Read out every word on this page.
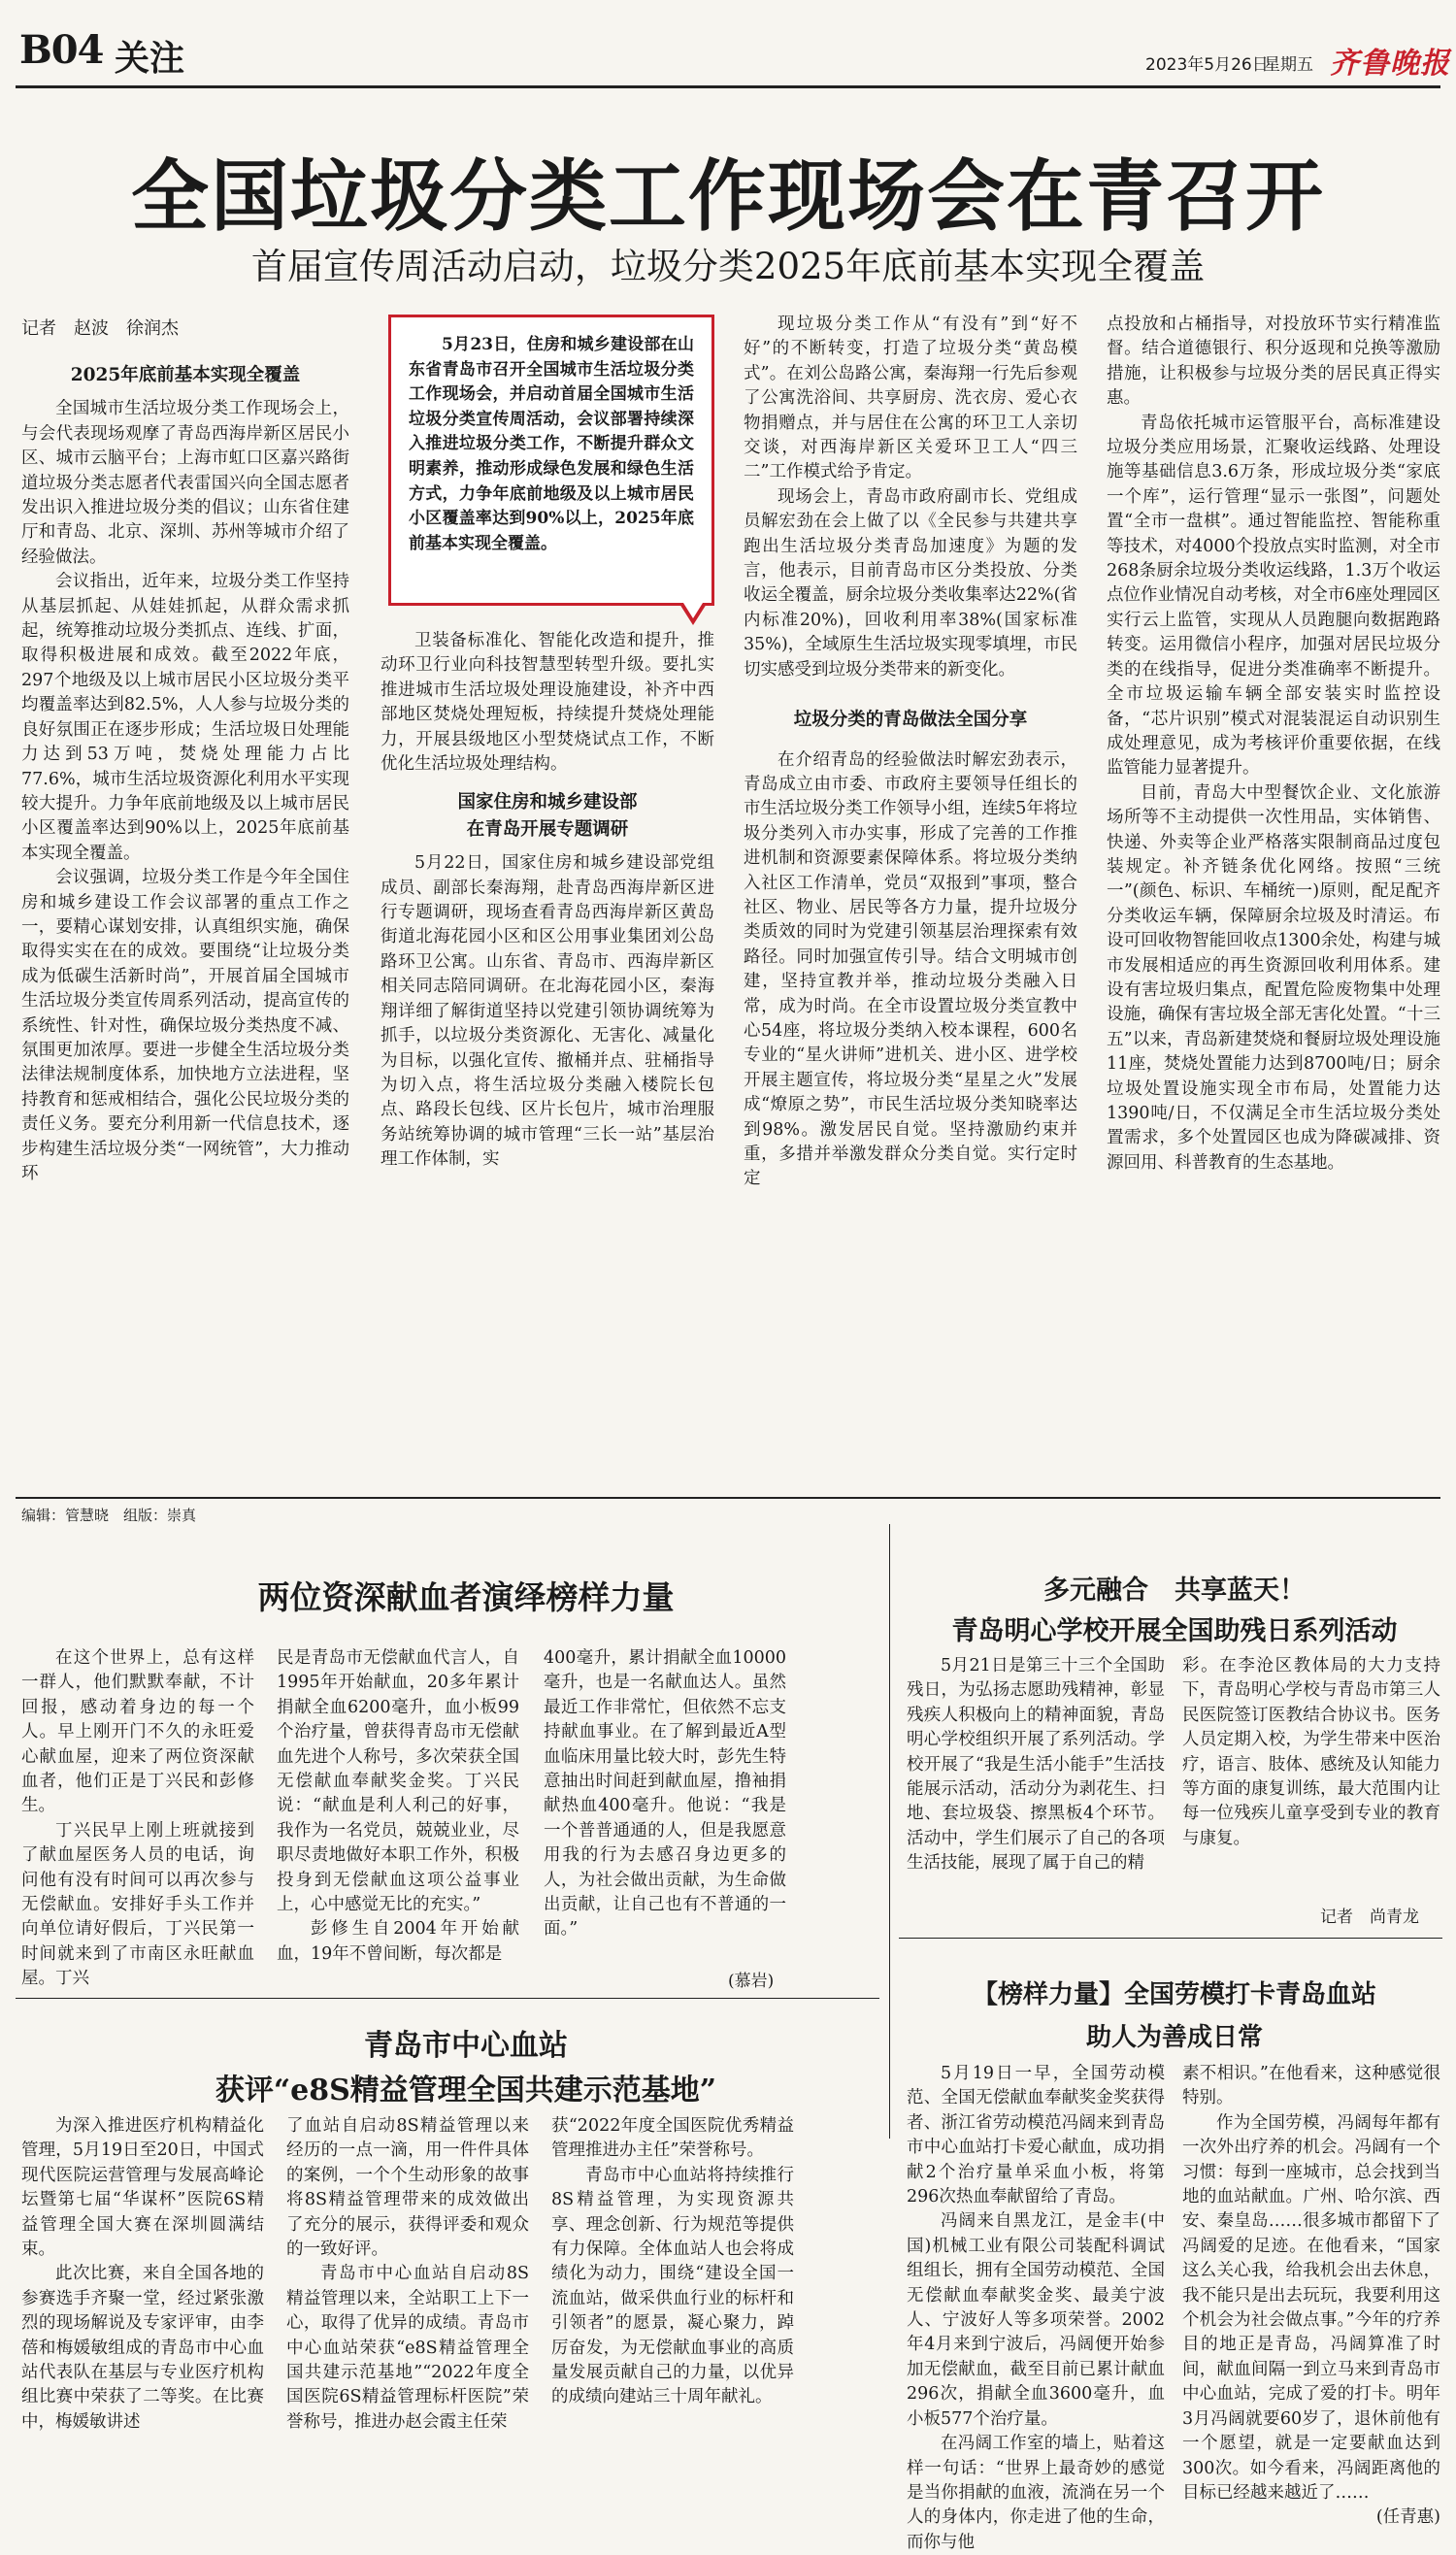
B04 关注	2023年5月26日
星期五 齐鲁晚报
全国垃圾分类工作现场会在青召开
首届宣传周活动启动，垃圾分类2025年底前基本实现全覆盖
记者　赵波　徐润杰

2025年底前基本实现全覆盖

全国城市生活垃圾分类工作现场会上，与会代表现场观摩了青岛西海岸新区居民小区、城市云脑平台；上海市虹口区嘉兴路街道垃圾分类志愿者代表雷国兴向全国志愿者发出识入推进垃圾分类的倡议；山东省住建厅和青岛、北京、深圳、苏州等城市介绍了经验做法。

会议指出，近年来，垃圾分类工作坚持从基层抓起、从娃娃抓起，从群众需求抓起，统筹推动垃圾分类抓点、连线、扩面，取得积极进展和成效。截至2022年底，297个地级及以上城市居民小区垃圾分类平均覆盖率达到82.5%，人人参与垃圾分类的良好氛围正在逐步形成；生活垃圾日处理能力达到53万吨，焚烧处理能力占比77.6%，城市生活垃圾资源化利用水平实现较大提升。力争年底前地级及以上城市居民小区覆盖率达到90%以上，2025年底前基本实现全覆盖。

会议强调，垃圾分类工作是今年全国住房和城乡建设工作会议部署的重点工作之一，要精心谋划安排，认真组织实施，确保取得实实在在的成效。要围绕“让垃圾分类成为低碳生活新时尚”，开展首届全国城市生活垃圾分类宣传周系列活动，提高宣传的系统性、针对性，确保垃圾分类热度不减、氛围更加浓厚。要进一步健全生活垃圾分类法律法规制度体系，加快地方立法进程，坚持教育和惩戒相结合，强化公民垃圾分类的责任义务。要充分利用新一代信息技术，逐步构建生活垃圾分类“一网统管”，大力推动环

5月23日，住房和城乡建设部在山东省青岛市召开全国城市生活垃圾分类工作现场会，并启动首届全国城市生活垃圾分类宣传周活动，会议部署持续深入推进垃圾分类工作，不断提升群众文明素养，推动形成绿色发展和绿色生活方式，力争年底前地级及以上城市居民小区覆盖率达到90%以上，2025年底前基本实现全覆盖。

卫装备标准化、智能化改造和提升，推动环卫行业向科技智慧型转型升级。要扎实推进城市生活垃圾处理设施建设，补齐中西部地区焚烧处理短板，持续提升焚烧处理能力，开展县级地区小型焚烧试点工作，不断优化生活垃圾处理结构。

国家住房和城乡建设部

在青岛开展专题调研

5月22日，国家住房和城乡建设部党组成员、副部长秦海翔，赴青岛西海岸新区进行专题调研，现场查看青岛西海岸新区黄岛街道北海花园小区和区公用事业集团刘公岛路环卫公寓。山东省、青岛市、西海岸新区相关同志陪同调研。在北海花园小区，秦海翔详细了解街道坚持以党建引领协调统筹为抓手，以垃圾分类资源化、无害化、减量化为目标，以强化宣传、撤桶并点、驻桶指导为切入点，将生活垃圾分类融入楼院长包点、路段长包线、区片长包片，城市治理服务站统筹协调的城市管理“三长一站”基层治理工作体制，实

现垃圾分类工作从“有没有”到“好不好”的不断转变，打造了垃圾分类“黄岛模式”。在刘公岛路公寓，秦海翔一行先后参观了公寓洗浴间、共享厨房、洗衣房、爱心衣物捐赠点，并与居住在公寓的环卫工人亲切交谈，对西海岸新区关爱环卫工人“四三二”工作模式给予肯定。

现场会上，青岛市政府副市长、党组成员解宏劲在会上做了以《全民参与共建共享　跑出生活垃圾分类青岛加速度》为题的发言，他表示，目前青岛市区分类投放、分类收运全覆盖，厨余垃圾分类收集率达22%(省内标准20%)，回收利用率38%(国家标准35%)，全域原生生活垃圾实现零填埋，市民切实感受到垃圾分类带来的新变化。

垃圾分类的青岛做法全国分享

在介绍青岛的经验做法时解宏劲表示，青岛成立由市委、市政府主要领导任组长的市生活垃圾分类工作领导小组，连续5年将垃圾分类列入市办实事，形成了完善的工作推进机制和资源要素保障体系。将垃圾分类纳入社区工作清单，党员“双报到”事项，整合社区、物业、居民等各方力量，提升垃圾分类质效的同时为党建引领基层治理探索有效路径。同时加强宣传引导。结合文明城市创建，坚持宣教并举，推动垃圾分类融入日常，成为时尚。在全市设置垃圾分类宣教中心54座，将垃圾分类纳入校本课程，600名专业的“星火讲师”进机关、进小区、进学校开展主题宣传，将垃圾分类“星星之火”发展成“燎原之势”，市民生活垃圾分类知晓率达到98%。激发居民自觉。坚持激励约束并重，多措并举激发群众分类自觉。实行定时定

点投放和占桶指导，对投放环节实行精准监督。结合道德银行、积分返现和兑换等激励措施，让积极参与垃圾分类的居民真正得实惠。

青岛依托城市运管服平台，高标准建设垃圾分类应用场景，汇聚收运线路、处理设施等基础信息3.6万条，形成垃圾分类“家底一个库”，运行管理“显示一张图”，问题处置“全市一盘棋”。通过智能监控、智能称重等技术，对4000个投放点实时监测，对全市268条厨余垃圾分类收运线路，1.3万个收运点位作业情况自动考核，对全市6座处理园区实行云上监管，实现从人员跑腿向数据跑路转变。运用微信小程序，加强对居民垃圾分类的在线指导，促进分类准确率不断提升。全市垃圾运输车辆全部安装实时监控设备，“芯片识别”模式对混装混运自动识别生成处理意见，成为考核评价重要依据，在线监管能力显著提升。

目前，青岛大中型餐饮企业、文化旅游场所等不主动提供一次性用品，实体销售、快递、外卖等企业严格落实限制商品过度包装规定。补齐链条优化网络。按照“三统一”(颜色、标识、车桶统一)原则，配足配齐分类收运车辆，保障厨余垃圾及时清运。布设可回收物智能回收点1300余处，构建与城市发展相适应的再生资源回收利用体系。建设有害垃圾归集点，配置危险废物集中处理设施，确保有害垃圾全部无害化处置。“十三五”以来，青岛新建焚烧和餐厨垃圾处理设施11座，焚烧处置能力达到8700吨/日；厨余垃圾处置设施实现全市布局，处置能力达1390吨/日，不仅满足全市生活垃圾分类处置需求，多个处置园区也成为降碳减排、资源回用、科普教育的生态基地。

编辑：管慧晓　组版：崇真
两位资深献血者演绎榜样力量

在这个世界上，总有这样一群人，他们默默奉献，不计回报，感动着身边的每一个人。早上刚开门不久的永旺爱心献血屋，迎来了两位资深献血者，他们正是丁兴民和彭修生。

丁兴民早上刚上班就接到了献血屋医务人员的电话，询问他有没有时间可以再次参与无偿献血。安排好手头工作并向单位请好假后，丁兴民第一时间就来到了市南区永旺献血屋。丁兴

民是青岛市无偿献血代言人，自1995年开始献血，20多年累计捐献全血6200毫升，血小板99个治疗量，曾获得青岛市无偿献血先进个人称号，多次荣获全国无偿献血奉献奖金奖。丁兴民说：“献血是利人利己的好事，我作为一名党员，兢兢业业，尽职尽责地做好本职工作外，积极投身到无偿献血这项公益事业上，心中感觉无比的充实。”

彭修生自2004年开始献血，19年不曾间断，每次都是

400毫升，累计捐献全血10000毫升，也是一名献血达人。虽然最近工作非常忙，但依然不忘支持献血事业。在了解到最近A型血临床用量比较大时，彭先生特意抽出时间赶到献血屋，撸袖捐献热血400毫升。他说：“我是一个普普通通的人，但是我愿意用我的行为去感召身边更多的人，为社会做出贡献，为生命做出贡献，让自己也有不普通的一面。”

(慕岩)
青岛市中心血站
获评“e8S精益管理全国共建示范基地”

为深入推进医疗机构精益化管理，5月19日至20日，中国式现代医院运营管理与发展高峰论坛暨第七届“华谋杯”医院6S精益管理全国大赛在深圳圆满结束。

此次比赛，来自全国各地的参赛选手齐聚一堂，经过紧张激烈的现场解说及专家评审，由李蓓和梅媛敏组成的青岛市中心血站代表队在基层与专业医疗机构组比赛中荣获了二等奖。在比赛中，梅媛敏讲述

了血站自启动8S精益管理以来经历的一点一滴，用一件件具体的案例，一个个生动形象的故事将8S精益管理带来的成效做出了充分的展示，获得评委和观众的一致好评。

青岛市中心血站自启动8S精益管理以来，全站职工上下一心，取得了优异的成绩。青岛市中心血站荣获“e8S精益管理全国共建示范基地”“2022年度全国医院6S精益管理标杆医院”荣誉称号，推进办赵会霞主任荣

获“2022年度全国医院优秀精益管理推进办主任”荣誉称号。

青岛市中心血站将持续推行8S精益管理，为实现资源共享、理念创新、行为规范等提供有力保障。全体血站人也会将成绩化为动力，围绕“建设全国一流血站，做采供血行业的标杆和引领者”的愿景，凝心聚力，踔厉奋发，为无偿献血事业的高质量发展贡献自己的力量，以优异的成绩向建站三十周年献礼。

多元融合　共享蓝天！
青岛明心学校开展全国助残日系列活动

5月21日是第三十三个全国助残日，为弘扬志愿助残精神，彰显残疾人积极向上的精神面貌，青岛明心学校组织开展了系列活动。学校开展了“我是生活小能手”生活技能展示活动，活动分为剥花生、扫地、套垃圾袋、擦黑板4个环节。活动中，学生们展示了自己的各项生活技能，展现了属于自己的精

彩。在李沧区教体局的大力支持下，青岛明心学校与青岛市第三人民医院签订医教结合协议书。医务人员定期入校，为学生带来中医治疗，语言、肢体、感统及认知能力等方面的康复训练，最大范围内让每一位残疾儿童享受到专业的教育与康复。

记者　尚青龙
【榜样力量】全国劳模打卡青岛血站
助人为善成日常

5月19日一早，全国劳动模范、全国无偿献血奉献奖金奖获得者、浙江省劳动模范冯阔来到青岛市中心血站打卡爱心献血，成功捐献2个治疗量单采血小板，将第296次热血奉献留给了青岛。

冯阔来自黑龙江，是金丰(中国)机械工业有限公司装配科调试组组长，拥有全国劳动模范、全国无偿献血奉献奖金奖、最美宁波人、宁波好人等多项荣誉。2002年4月来到宁波后，冯阔便开始参加无偿献血，截至目前已累计献血296次，捐献全血3600毫升，血小板577个治疗量。

在冯阔工作室的墙上，贴着这样一句话：“世界上最奇妙的感觉是当你捐献的血液，流淌在另一个人的身体内，你走进了他的生命，而你与他

素不相识。”在他看来，这种感觉很特别。

作为全国劳模，冯阔每年都有一次外出疗养的机会。冯阔有一个习惯：每到一座城市，总会找到当地的血站献血。广州、哈尔滨、西安、秦皇岛……很多城市都留下了冯阔爱的足迹。在他看来，“国家这么关心我，给我机会出去休息，我不能只是出去玩玩，我要利用这个机会为社会做点事。”今年的疗养目的地正是青岛，冯阔算准了时间，献血间隔一到立马来到青岛市中心血站，完成了爱的打卡。明年3月冯阔就要60岁了，退休前他有一个愿望，就是一定要献血达到300次。如今看来，冯阔距离他的目标已经越来越近了……

(任青惠)
